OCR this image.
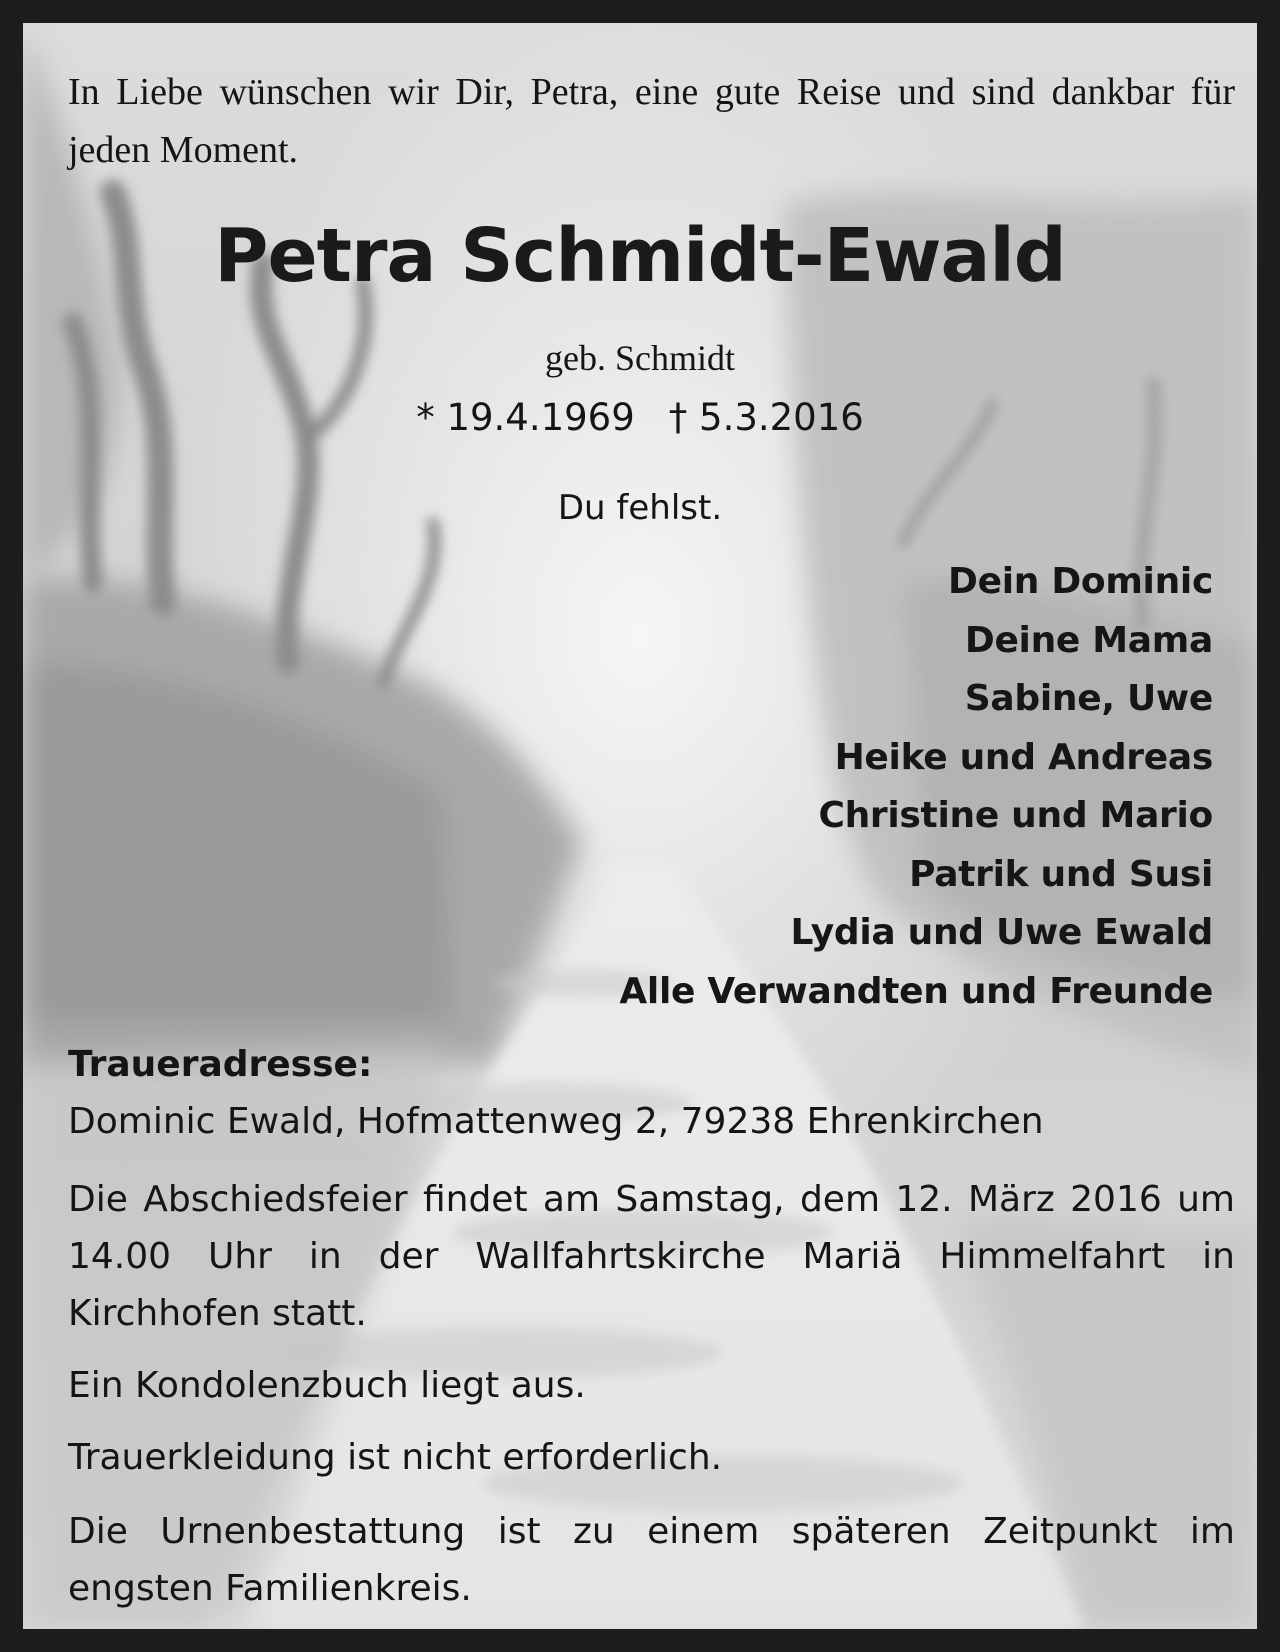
In Liebe wünschen wir Dir, Petra, eine gute Reise und sind dankbar für jeden Moment.

Petra Schmidt-Ewald

geb. Schmidt

* 19.4.1969 † 5.3.2016

Du fehlst.

Dein Dominic
Deine Mama
Sabine, Uwe
Heike und Andreas
Christine und Mario
Patrik und Susi
Lydia und Uwe Ewald
Alle Verwandten und Freunde

Traueradresse:

Dominic Ewald, Hofmattenweg 2, 79238 Ehrenkirchen

Die Abschiedsfeier findet am Samstag, dem 12. März 2016 um 14.00 Uhr in der Wallfahrtskirche Mariä Himmelfahrt in Kirchhofen statt.

Ein Kondolenzbuch liegt aus.

Trauerkleidung ist nicht erforderlich.

Die Urnenbestattung ist zu einem späteren Zeitpunkt im engsten Familienkreis.
